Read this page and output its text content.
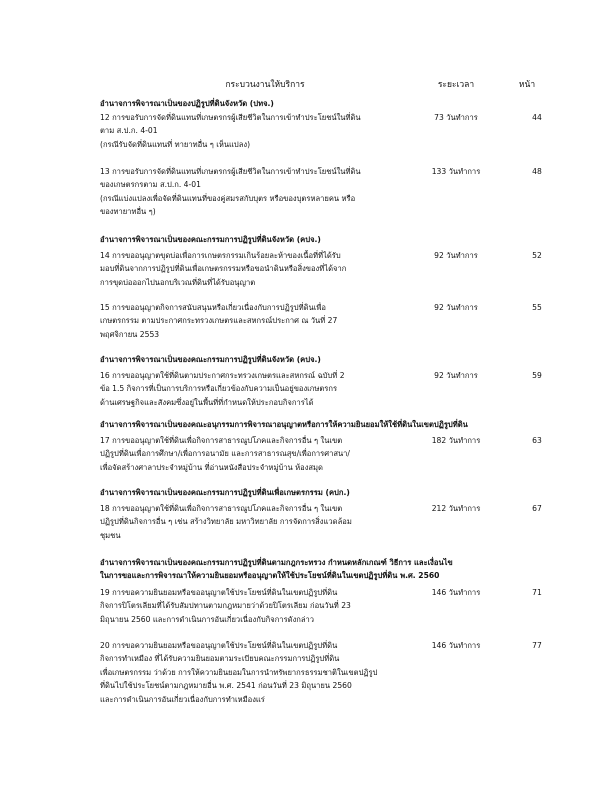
กระบวนงานให้บริการ	ระยะเวลา	หน้า
อำนาจการพิจารณาเป็นของปฏิรูปที่ดินจังหวัด (ปทจ.)
12 การขอรับการจัดที่ดินแทนที่เกษตรกรผู้เสียชีวิตในการเข้าทำประโยชน์ในที่ดิน
ตาม ส.ป.ก. 4-01
(กรณีรับจัดที่ดินแทนที่ ทายาทอื่น ๆ เห็นแปลง)
73 วันทำการ	44
13 การขอรับการจัดที่ดินแทนที่เกษตรกรผู้เสียชีวิตในการเข้าทำประโยชน์ในที่ดิน
ของเกษตรกรตาม ส.ป.ก. 4-01
(กรณีแบ่งแปลงเพื่อจัดที่ดินแทนที่ของคู่สมรสกับบุตร หรือของบุตรหลายคน หรือ
ของทายาทอื่น ๆ)
133 วันทำการ	48
อำนาจการพิจารณาเป็นของคณะกรรมการปฏิรูปที่ดินจังหวัด (คปจ.)
14 การขออนุญาตขุดบ่อเพื่อการเกษตรกรรมเกินร้อยละห้าของเนื้อที่ที่ได้รับ
มอบที่ดินจากการปฏิรูปที่ดินเพื่อเกษตรกรรมหรือขอนำดินหรือสิ่งของที่ได้จาก
การขุดบ่อออกไปนอกบริเวณที่ดินที่ได้รับอนุญาต
92 วันทำการ	52
15 การขออนุญาตกิจการสนับสนุนหรือเกี่ยวเนื่องกับการปฏิรูปที่ดินเพื่อ
เกษตรกรรม ตามประกาศกระทรวงเกษตรและสหกรณ์ประกาศ ณ วันที่ 27
พฤศจิกายน 2553
92 วันทำการ	55
อำนาจการพิจารณาเป็นของคณะกรรมการปฏิรูปที่ดินจังหวัด (คปจ.)
16 การขออนุญาตใช้ที่ดินตามประกาศกระทรวงเกษตรและสหกรณ์ ฉบับที่ 2
ข้อ 1.5 กิจการที่เป็นการบริการหรือเกี่ยวข้องกับความเป็นอยู่ของเกษตรกร
ด้านเศรษฐกิจและสังคมซึ่งอยู่ในพื้นที่ที่กำหนดให้ประกอบกิจการได้
92 วันทำการ	59
อำนาจการพิจารณาเป็นของคณะอนุกรรมการพิจารณาอนุญาตหรือการให้ความยินยอมให้ใช้ที่ดินในเขตปฏิรูปที่ดิน
17 การขออนุญาตใช้ที่ดินเพื่อกิจการสาธารณูปโภคและกิจการอื่น ๆ ในเขต
ปฏิรูปที่ดินเพื่อการศึกษา/เพื่อการอนามัย และการสาธารณสุข/เพื่อการศาสนา/
เพื่อจัดสร้างศาลาประจำหมู่บ้าน ที่อ่านหนังสือประจำหมู่บ้าน ห้องสมุด
182 วันทำการ	63
อำนาจการพิจารณาเป็นของคณะกรรมการปฏิรูปที่ดินเพื่อเกษตรกรรม (คปก.)
18 การขออนุญาตใช้ที่ดินเพื่อกิจการสาธารณูปโภคและกิจการอื่น ๆ ในเขต
ปฏิรูปที่ดินกิจการอื่น ๆ เช่น สร้างวิทยาลัย มหาวิทยาลัย การจัดการสิ่งแวดล้อม
ชุมชน
212 วันทำการ	67
อำนาจการพิจารณาเป็นของคณะกรรมการปฏิรูปที่ดินตามกฎกระทรวง กำหนดหลักเกณฑ์ วิธีการ และเงื่อนไข
ในการขอและการพิจารณาให้ความยินยอมหรืออนุญาตให้ใช้ประโยชน์ที่ดินในเขตปฏิรูปที่ดิน พ.ศ. 2560
19 การขอความยินยอมหรือขออนุญาตใช้ประโยชน์ที่ดินในเขตปฏิรูปที่ดิน
กิจการปิโตรเลียมที่ได้รับสัมปทานตามกฎหมายว่าด้วยปิโตรเลียม ก่อนวันที่ 23
มิถุนายน 2560 และการดำเนินการอันเกี่ยวเนื่องกับกิจการดังกล่าว
146 วันทำการ	71
20 การขอความยินยอมหรือขออนุญาตใช้ประโยชน์ที่ดินในเขตปฏิรูปที่ดิน
กิจการทำเหมือง ที่ได้รับความยินยอมตามระเบียบคณะกรรมการปฏิรูปที่ดิน
เพื่อเกษตรกรรม ว่าด้วย การให้ความยินยอมในการนำทรัพยากรธรรมชาติในเขตปฏิรูป
ที่ดินไปใช้ประโยชน์ตามกฎหมายอื่น พ.ศ. 2541 ก่อนวันที่ 23 มิถุนายน 2560
และการดำเนินการอันเกี่ยวเนื่องกับการทำเหมืองแร่
146 วันทำการ	77
